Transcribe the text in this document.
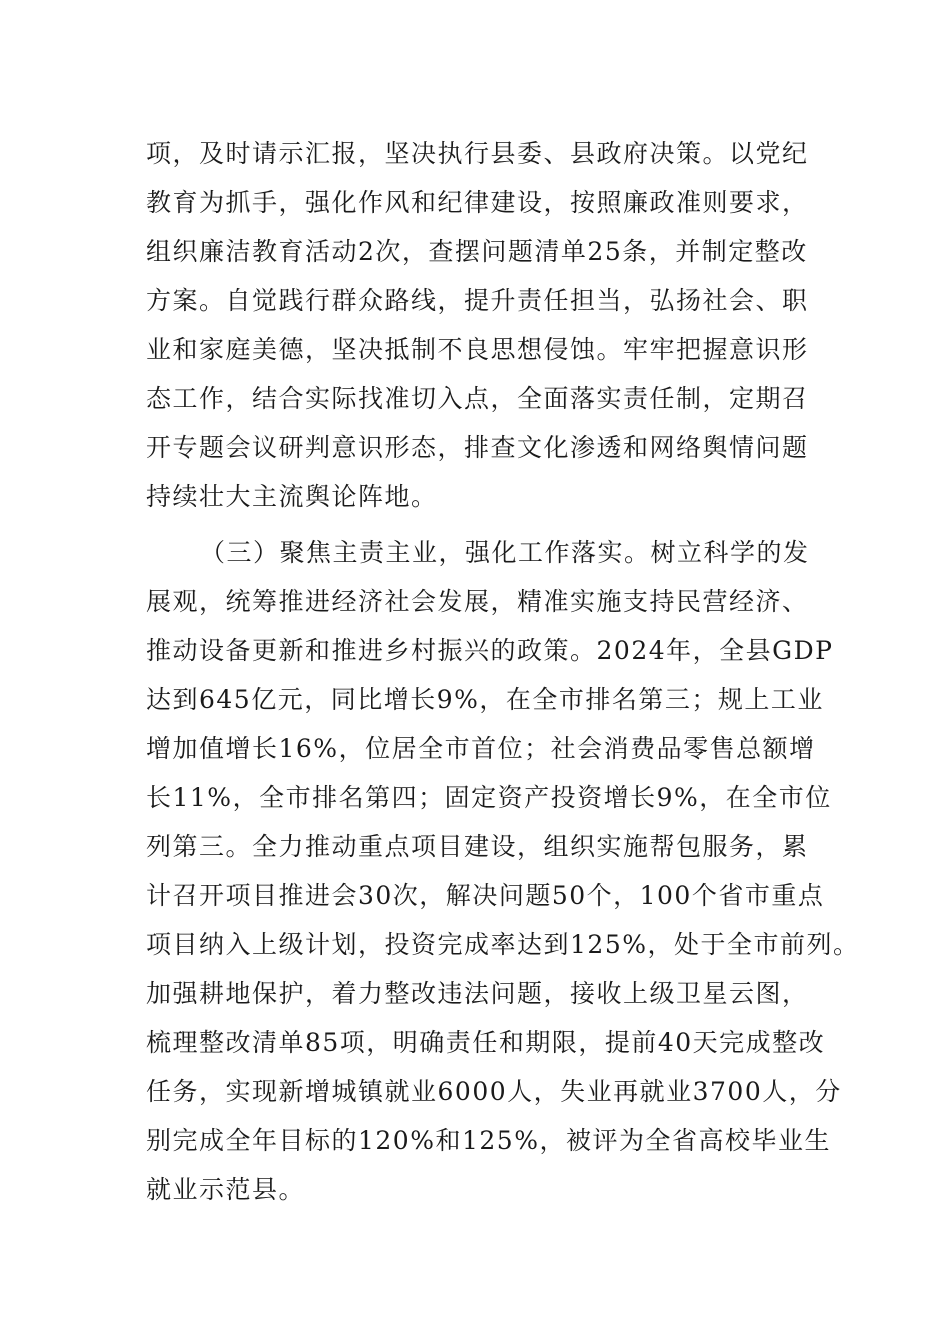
项，及时请示汇报，坚决执行县委、县政府决策。以党纪
教育为抓手，强化作风和纪律建设，按照廉政准则要求，
组织廉洁教育活动2次，查摆问题清单25条，并制定整改
方案。自觉践行群众路线，提升责任担当，弘扬社会、职
业和家庭美德，坚决抵制不良思想侵蚀。牢牢把握意识形
态工作，结合实际找准切入点，全面落实责任制，定期召
开专题会议研判意识形态，排查文化渗透和网络舆情问题
持续壮大主流舆论阵地。
（三）聚焦主责主业，强化工作落实。树立科学的发
展观，统筹推进经济社会发展，精准实施支持民营经济、
推动设备更新和推进乡村振兴的政策。2024年，全县GDP
达到645亿元，同比增长9%，在全市排名第三；规上工业
增加值增长16%，位居全市首位；社会消费品零售总额增
长11%，全市排名第四；固定资产投资增长9%，在全市位
列第三。全力推动重点项目建设，组织实施帮包服务，累
计召开项目推进会30次，解决问题50个，100个省市重点
项目纳入上级计划，投资完成率达到125%，处于全市前列。
加强耕地保护，着力整改违法问题，接收上级卫星云图，
梳理整改清单85项，明确责任和期限，提前40天完成整改
任务，实现新增城镇就业6000人，失业再就业3700人，分
别完成全年目标的120%和125%，被评为全省高校毕业生
就业示范县。
